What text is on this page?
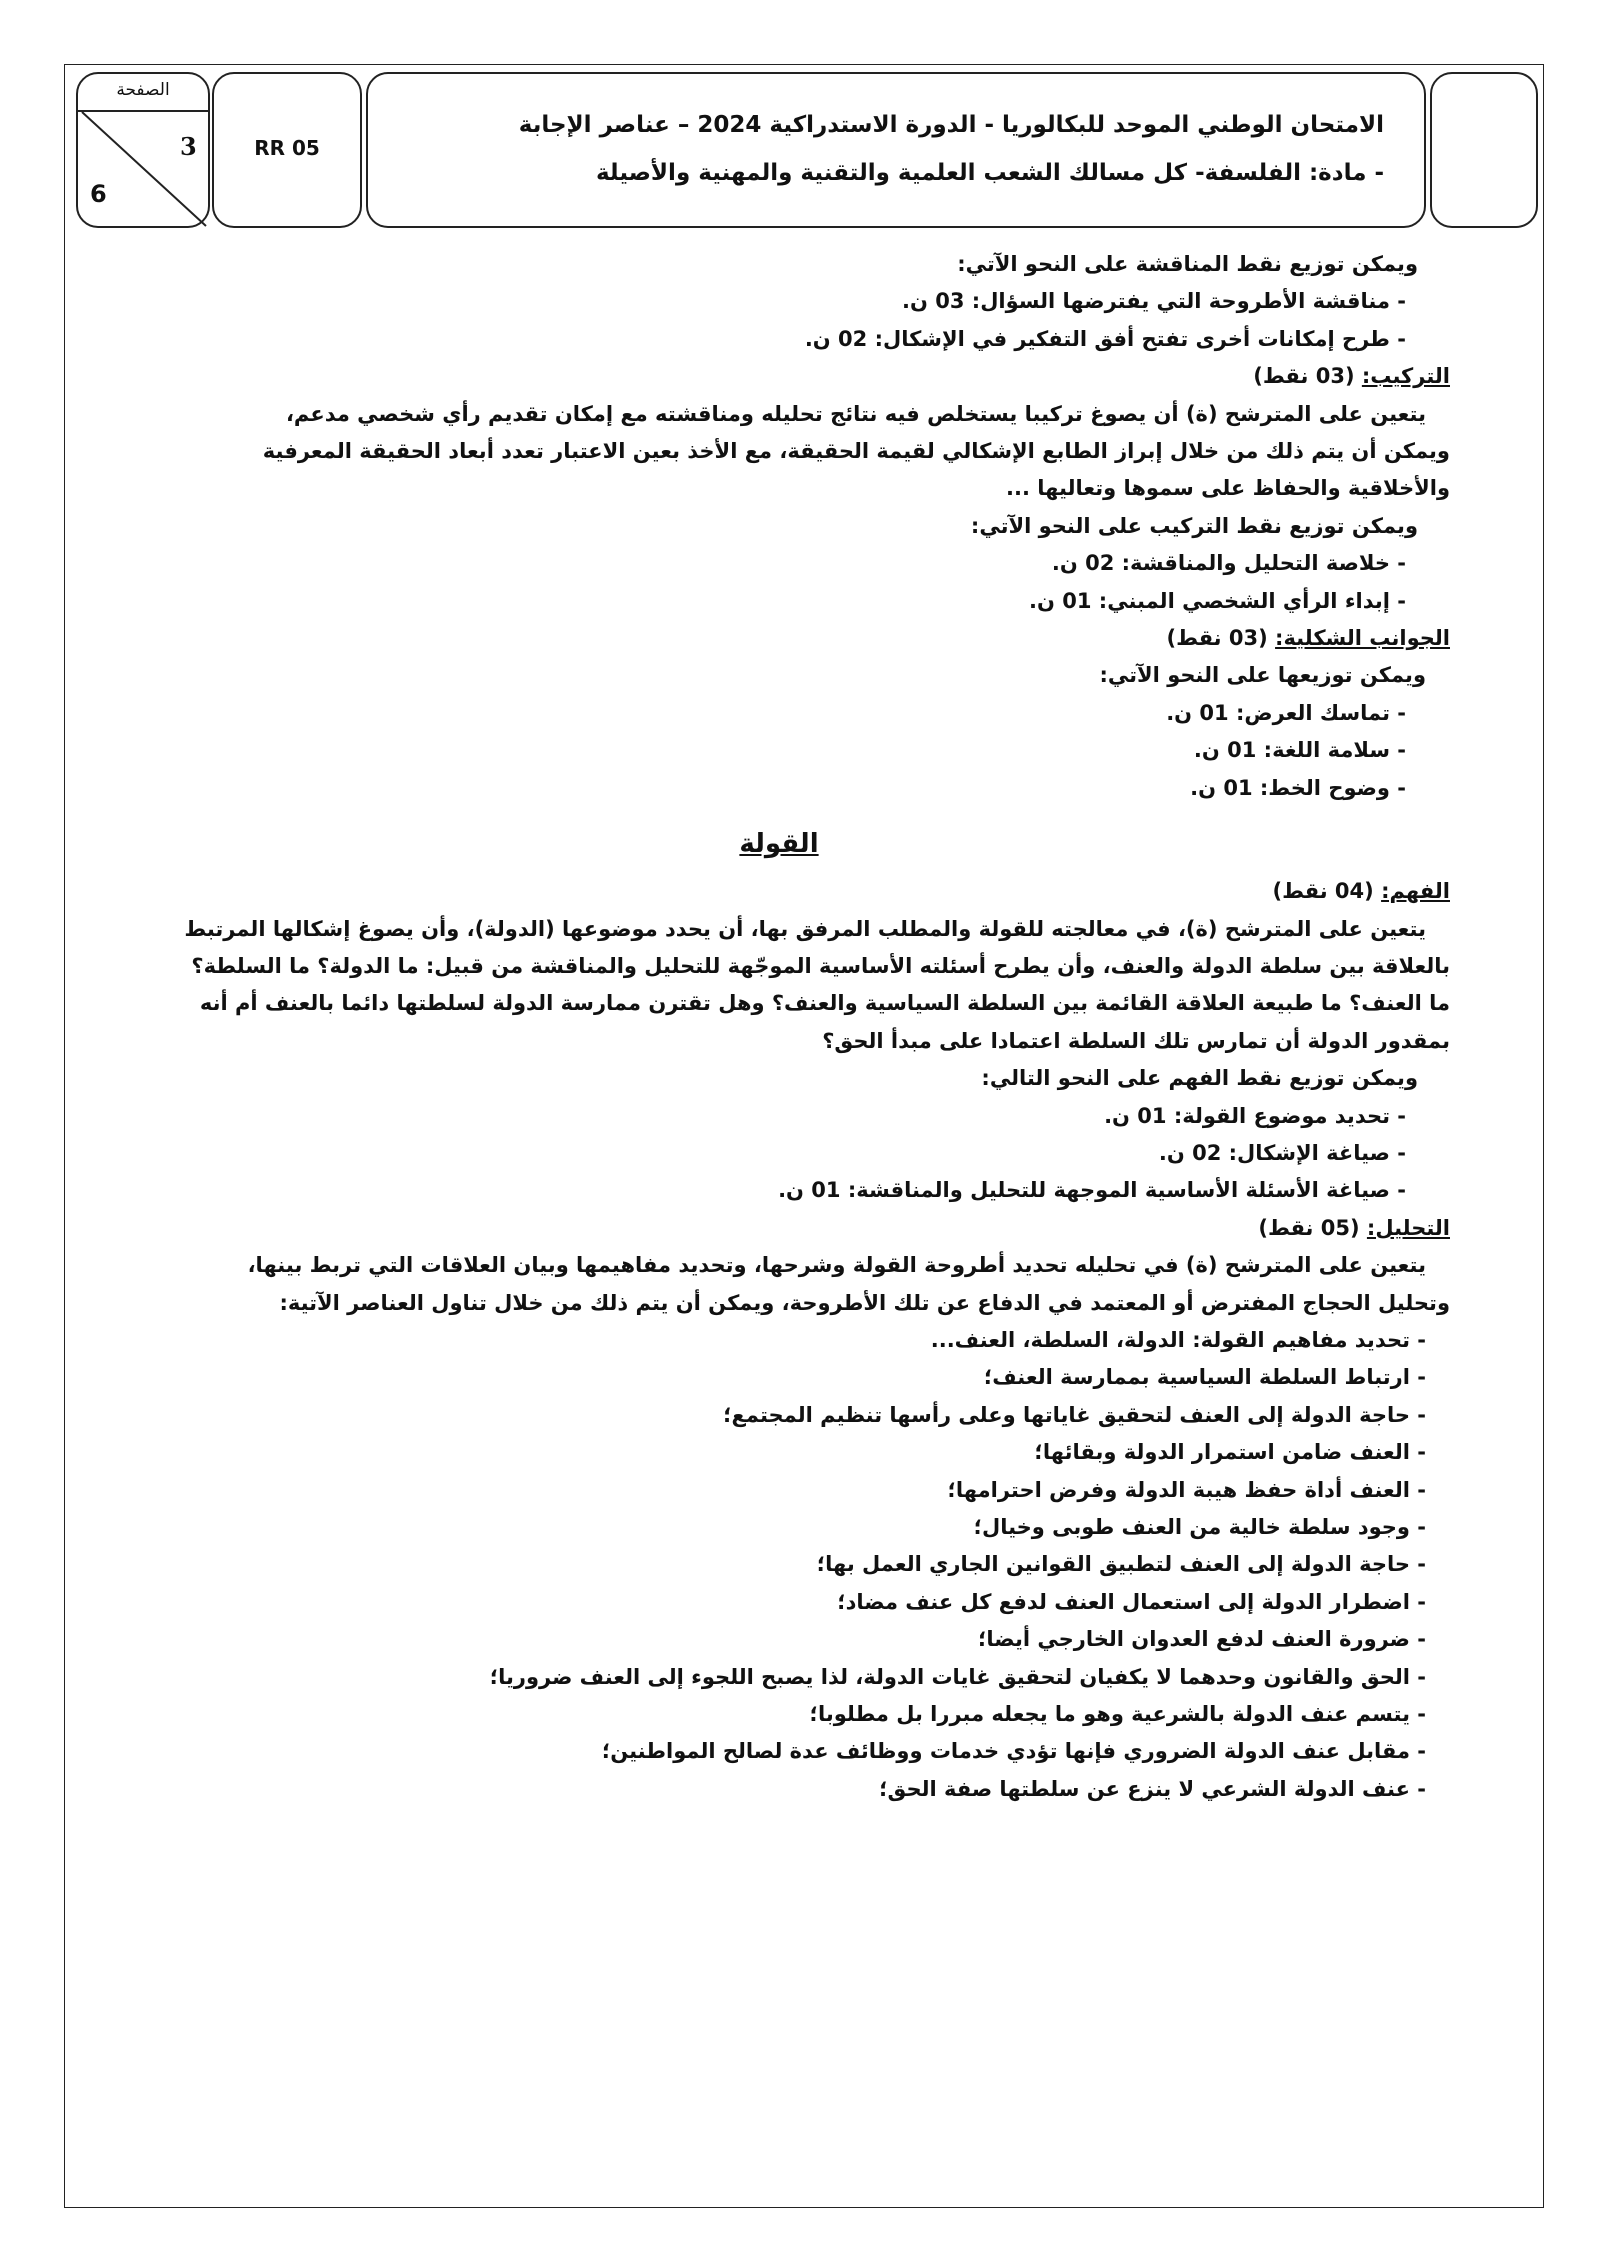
الصفحة
3
6
RR 05
الامتحان الوطني الموحد للبكالوريا - الدورة الاستدراكية 2024 – عناصر الإجابة
- مادة: الفلسفة- كل مسالك الشعب العلمية والتقنية والمهنية والأصيلة
ويمكن توزيع نقط المناقشة على النحو الآتي:
- مناقشة الأطروحة التي يفترضها السؤال: 03 ن.
- طرح إمكانات أخرى تفتح أفق التفكير في الإشكال: 02 ن.
التركيب: (03 نقط)
يتعين على المترشح (ة) أن يصوغ تركيبا يستخلص فيه نتائج تحليله ومناقشته مع إمكان تقديم رأي شخصي مدعم،
ويمكن أن يتم ذلك من خلال إبراز الطابع الإشكالي لقيمة الحقيقة، مع الأخذ بعين الاعتبار تعدد أبعاد الحقيقة المعرفية
والأخلاقية والحفاظ على سموها وتعاليها ...
ويمكن توزيع نقط التركيب على النحو الآتي:
- خلاصة التحليل والمناقشة: 02 ن.
- إبداء الرأي الشخصي المبني: 01 ن.
الجوانب الشكلية: (03 نقط)
ويمكن توزيعها على النحو الآتي:
- تماسك العرض: 01 ن.
- سلامة اللغة: 01 ن.
- وضوح الخط: 01 ن.
القولة
الفهم: (04 نقط)
يتعين على المترشح (ة)، في معالجته للقولة والمطلب المرفق بها، أن يحدد موضوعها (الدولة)، وأن يصوغ إشكالها المرتبط
بالعلاقة بين سلطة الدولة والعنف، وأن يطرح أسئلته الأساسية الموجّهة للتحليل والمناقشة من قبيل: ما الدولة؟ ما السلطة؟
ما العنف؟ ما طبيعة العلاقة القائمة بين السلطة السياسية والعنف؟ وهل تقترن ممارسة الدولة لسلطتها دائما بالعنف أم أنه
بمقدور الدولة أن تمارس تلك السلطة اعتمادا على مبدأ الحق؟
ويمكن توزيع نقط الفهم على النحو التالي:
- تحديد موضوع القولة: 01 ن.
- صياغة الإشكال: 02 ن.
- صياغة الأسئلة الأساسية الموجهة للتحليل والمناقشة: 01 ن.
التحليل: (05 نقط)
يتعين على المترشح (ة) في تحليله تحديد أطروحة القولة وشرحها، وتحديد مفاهيمها وبيان العلاقات التي تربط بينها،
وتحليل الحجاج المفترض أو المعتمد في الدفاع عن تلك الأطروحة، ويمكن أن يتم ذلك من خلال تناول العناصر الآتية:
- تحديد مفاهيم القولة: الدولة، السلطة، العنف...
- ارتباط السلطة السياسية بممارسة العنف؛
- حاجة الدولة إلى العنف لتحقيق غاياتها وعلى رأسها تنظيم المجتمع؛
- العنف ضامن استمرار الدولة وبقائها؛
- العنف أداة حفظ هيبة الدولة وفرض احترامها؛
- وجود سلطة خالية من العنف طوبى وخيال؛
- حاجة الدولة إلى العنف لتطبيق القوانين الجاري العمل بها؛
- اضطرار الدولة إلى استعمال العنف لدفع كل عنف مضاد؛
- ضرورة العنف لدفع العدوان الخارجي أيضا؛
- الحق والقانون وحدهما لا يكفيان لتحقيق غايات الدولة، لذا يصبح اللجوء إلى العنف ضروريا؛
- يتسم عنف الدولة بالشرعية وهو ما يجعله مبررا بل مطلوبا؛
- مقابل عنف الدولة الضروري فإنها تؤدي خدمات ووظائف عدة لصالح المواطنين؛
- عنف الدولة الشرعي لا ينزع عن سلطتها صفة الحق؛
